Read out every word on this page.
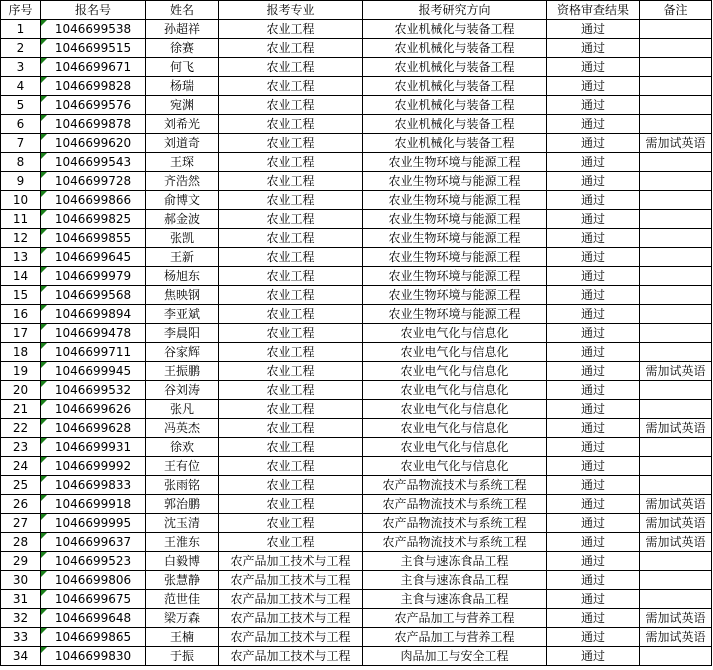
序号	报名号	姓名	报考专业	报考研究方向	资格审查结果	备注
1	1046699538	孙超祥	农业工程	农业机械化与装备工程	通过	
2	1046699515	徐赛	农业工程	农业机械化与装备工程	通过	
3	1046699671	何飞	农业工程	农业机械化与装备工程	通过	
4	1046699828	杨瑞	农业工程	农业机械化与装备工程	通过	
5	1046699576	宛渊	农业工程	农业机械化与装备工程	通过	
6	1046699878	刘希光	农业工程	农业机械化与装备工程	通过	
7	1046699620	刘道奇	农业工程	农业机械化与装备工程	通过	需加试英语
8	1046699543	王琛	农业工程	农业生物环境与能源工程	通过	
9	1046699728	齐浩然	农业工程	农业生物环境与能源工程	通过	
10	1046699866	俞博文	农业工程	农业生物环境与能源工程	通过	
11	1046699825	郝金波	农业工程	农业生物环境与能源工程	通过	
12	1046699855	张凯	农业工程	农业生物环境与能源工程	通过	
13	1046699645	王新	农业工程	农业生物环境与能源工程	通过	
14	1046699979	杨旭东	农业工程	农业生物环境与能源工程	通过	
15	1046699568	焦映钢	农业工程	农业生物环境与能源工程	通过	
16	1046699894	李亚斌	农业工程	农业生物环境与能源工程	通过	
17	1046699478	李晨阳	农业工程	农业电气化与信息化	通过	
18	1046699711	谷家辉	农业工程	农业电气化与信息化	通过	
19	1046699945	王振鹏	农业工程	农业电气化与信息化	通过	需加试英语
20	1046699532	谷刘涛	农业工程	农业电气化与信息化	通过	
21	1046699626	张凡	农业工程	农业电气化与信息化	通过	
22	1046699628	冯英杰	农业工程	农业电气化与信息化	通过	需加试英语
23	1046699931	徐欢	农业工程	农业电气化与信息化	通过	
24	1046699992	王有位	农业工程	农业电气化与信息化	通过	
25	1046699833	张雨铭	农业工程	农产品物流技术与系统工程	通过	
26	1046699918	郭治鹏	农业工程	农产品物流技术与系统工程	通过	需加试英语
27	1046699995	沈玉清	农业工程	农产品物流技术与系统工程	通过	需加试英语
28	1046699637	王淮东	农业工程	农产品物流技术与系统工程	通过	需加试英语
29	1046699523	白毅博	农产品加工技术与工程	主食与速冻食品工程	通过	
30	1046699806	张慧静	农产品加工技术与工程	主食与速冻食品工程	通过	
31	1046699675	范世佳	农产品加工技术与工程	主食与速冻食品工程	通过	
32	1046699648	梁万森	农产品加工技术与工程	农产品加工与营养工程	通过	需加试英语
33	1046699865	王楠	农产品加工技术与工程	农产品加工与营养工程	通过	需加试英语
34	1046699830	于振	农产品加工技术与工程	肉品加工与安全工程	通过	
